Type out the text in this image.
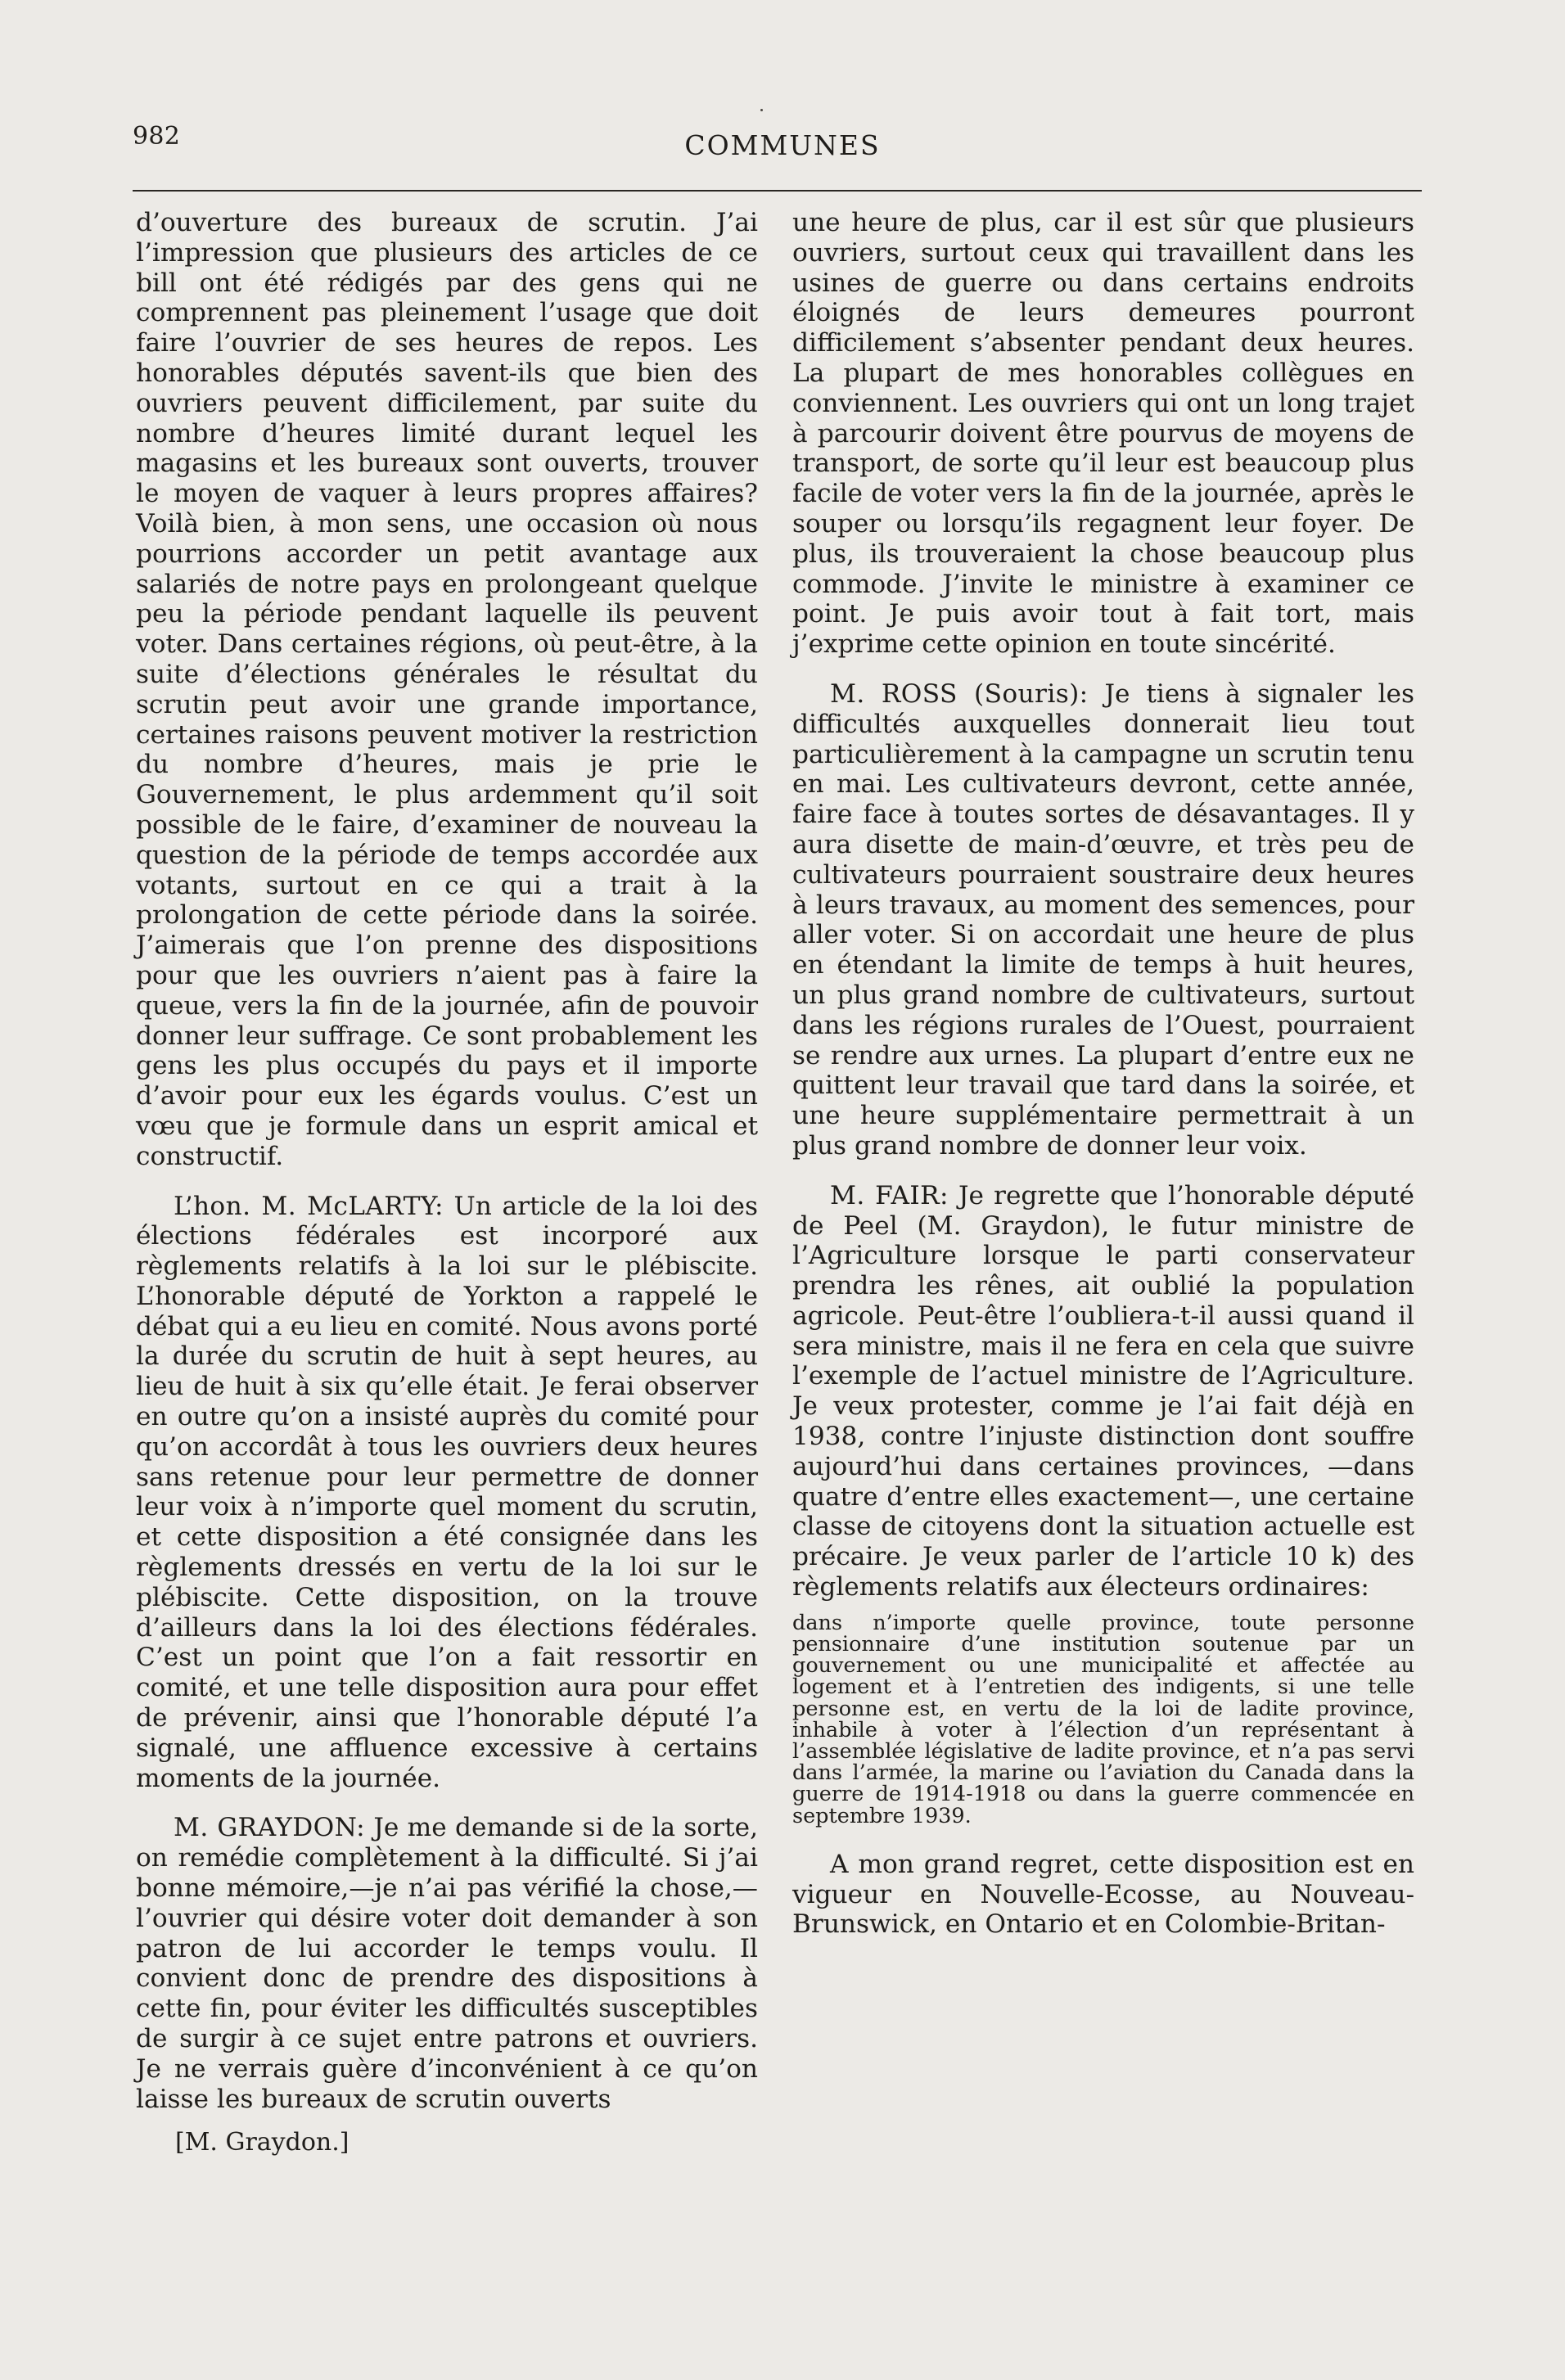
982	COMMUNES

d’ouverture des bureaux de scrutin. J’ai l’impression que plusieurs des articles de ce bill ont été rédigés par des gens qui ne comprennent pas pleinement l’usage que doit faire l’ouvrier de ses heures de repos. Les honorables députés savent-ils que bien des ouvriers peuvent difficilement, par suite du nombre d’heures limité durant lequel les magasins et les bureaux sont ouverts, trouver le moyen de vaquer à leurs propres affaires? Voilà bien, à mon sens, une occasion où nous pourrions accorder un petit avantage aux salariés de notre pays en prolongeant quelque peu la période pendant laquelle ils peuvent voter. Dans certaines régions, où peut-être, à la suite d’élections générales le résultat du scrutin peut avoir une grande importance, certaines raisons peuvent motiver la restriction du nombre d’heures, mais je prie le Gouvernement, le plus ardemment qu’il soit possible de le faire, d’examiner de nouveau la question de la période de temps accordée aux votants, surtout en ce qui a trait à la prolongation de cette période dans la soirée. J’aimerais que l’on prenne des dispositions pour que les ouvriers n’aient pas à faire la queue, vers la fin de la journée, afin de pouvoir donner leur suffrage. Ce sont probablement les gens les plus occupés du pays et il importe d’avoir pour eux les égards voulus. C’est un vœu que je formule dans un esprit amical et constructif.

L’hon. M. McLARTY: Un article de la loi des élections fédérales est incorporé aux règlements relatifs à la loi sur le plébiscite. L’honorable député de Yorkton a rappelé le débat qui a eu lieu en comité. Nous avons porté la durée du scrutin de huit à sept heures, au lieu de huit à six qu’elle était. Je ferai observer en outre qu’on a insisté auprès du comité pour qu’on accordât à tous les ouvriers deux heures sans retenue pour leur permettre de donner leur voix à n’importe quel moment du scrutin, et cette disposition a été consignée dans les règlements dressés en vertu de la loi sur le plébiscite. Cette disposition, on la trouve d’ailleurs dans la loi des élections fédérales. C’est un point que l’on a fait ressortir en comité, et une telle disposition aura pour effet de prévenir, ainsi que l’honorable député l’a signalé, une affluence excessive à certains moments de la journée.

M. GRAYDON: Je me demande si de la sorte, on remédie complètement à la difficulté. Si j’ai bonne mémoire,—je n’ai pas vérifié la chose,—l’ouvrier qui désire voter doit demander à son patron de lui accorder le temps voulu. Il convient donc de prendre des dispositions à cette fin, pour éviter les difficultés susceptibles de surgir à ce sujet entre patrons et ouvriers. Je ne verrais guère d’inconvénient à ce qu’on laisse les bureaux de scrutin ouverts

[M. Graydon.]

une heure de plus, car il est sûr que plusieurs ouvriers, surtout ceux qui travaillent dans les usines de guerre ou dans certains endroits éloignés de leurs demeures pourront difficilement s’absenter pendant deux heures. La plupart de mes honorables collègues en conviennent. Les ouvriers qui ont un long trajet à parcourir doivent être pourvus de moyens de transport, de sorte qu’il leur est beaucoup plus facile de voter vers la fin de la journée, après le souper ou lorsqu’ils regagnent leur foyer. De plus, ils trouveraient la chose beaucoup plus commode. J’invite le ministre à examiner ce point. Je puis avoir tout à fait tort, mais j’exprime cette opinion en toute sincérité.

M. ROSS (Souris): Je tiens à signaler les difficultés auxquelles donnerait lieu tout particulièrement à la campagne un scrutin tenu en mai. Les cultivateurs devront, cette année, faire face à toutes sortes de désavantages. Il y aura disette de main-d’œuvre, et très peu de cultivateurs pourraient soustraire deux heures à leurs travaux, au moment des semences, pour aller voter. Si on accordait une heure de plus en étendant la limite de temps à huit heures, un plus grand nombre de cultivateurs, surtout dans les régions rurales de l’Ouest, pourraient se rendre aux urnes. La plupart d’entre eux ne quittent leur travail que tard dans la soirée, et une heure supplémentaire permettrait à un plus grand nombre de donner leur voix.

M. FAIR: Je regrette que l’honorable député de Peel (M. Graydon), le futur ministre de l’Agriculture lorsque le parti conservateur prendra les rênes, ait oublié la population agricole. Peut-être l’oubliera-t-il aussi quand il sera ministre, mais il ne fera en cela que suivre l’exemple de l’actuel ministre de l’Agriculture. Je veux protester, comme je l’ai fait déjà en 1938, contre l’injuste distinction dont souffre aujourd’hui dans certaines provinces, —dans quatre d’entre elles exactement—, une certaine classe de citoyens dont la situation actuelle est précaire. Je veux parler de l’article 10 k) des règlements relatifs aux électeurs ordinaires:

dans n’importe quelle province, toute personne pensionnaire d’une institution soutenue par un gouvernement ou une municipalité et affectée au logement et à l’entretien des indigents, si une telle personne est, en vertu de la loi de ladite province, inhabile à voter à l’élection d’un représentant à l’assemblée législative de ladite province, et n’a pas servi dans l’armée, la marine ou l’aviation du Canada dans la guerre de 1914-1918 ou dans la guerre commencée en septembre 1939.

A mon grand regret, cette disposition est en vigueur en Nouvelle-Ecosse, au Nouveau-Brunswick, en Ontario et en Colombie-Britan-
